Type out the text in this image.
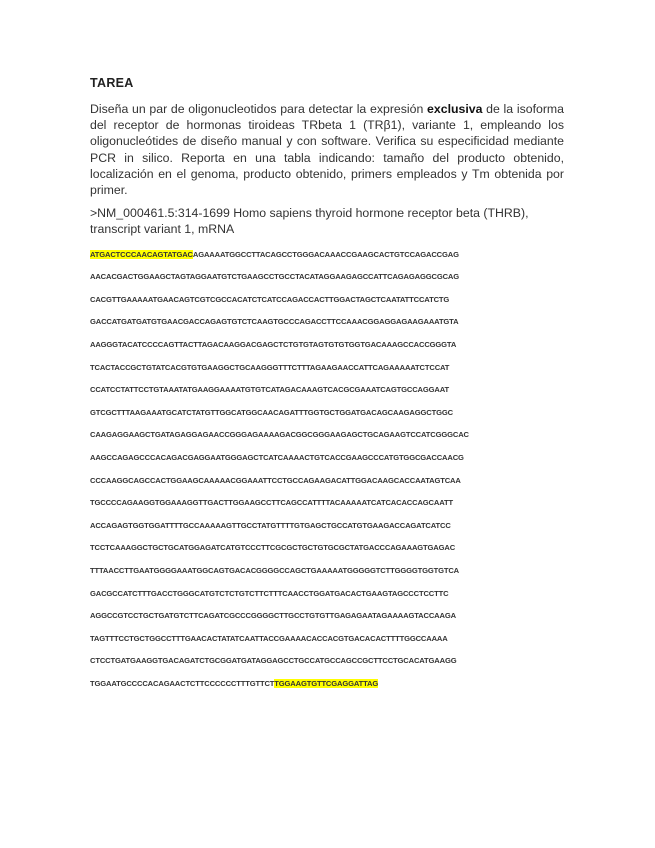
TAREA

Diseña un par de oligonucleotidos para detectar la expresión exclusiva de la isoforma del receptor de hormonas tiroideas TRbeta 1 (TRβ1), variante 1, empleando los oligonucleótides de diseño manual y con software. Verifica su especificidad mediante PCR in silico. Reporta en una tabla indicando: tamaño del producto obtenido, localización en el genoma, producto obtenido, primers empleados y Tm obtenida por primer.

>NM_000461.5:314-1699 Homo sapiens thyroid hormone receptor beta (THRB), transcript variant 1, mRNA

ATGACTCCCAACAGTATGACAGAAAATGGCCTTACAGCCTGGGACAAACCGAAGCACTGTCCAGACCGAG
AACACGACTGGAAGCTAGTAGGAATGTCTGAAGCCTGCCTACATAGGAAGAGCCATTCAGAGAGGCGCAG
CACGTTGAAAAATGAACAGTCGTCGCCACATCTCATCCAGACCACTTGGACTAGCTCAATATTCCATCTG
GACCATGATGATGTGAACGACCAGAGTGTCTCAAGTGCCCAGACCTTCCAAACGGAGGAGAAGAAATGTA
AAGGGTACATCCCCAGTTACTTAGACAAGGACGAGCTCTGTGTAGTGTGTGGTGACAAAGCCACCGGGTA
TCACTACCGCTGTATCACGTGTGAAGGCTGCAAGGGTTTCTTTAGAAGAACCATTCAGAAAAATCTCCAT
CCATCCTATTCCTGTAAATATGAAGGAAAATGTGTCATAGACAAAGTCACGCGAAATCAGTGCCAGGAAT
GTCGCTTTAAGAAATGCATCTATGTTGGCATGGCAACAGATTTGGTGCTGGATGACAGCAAGAGGCTGGC
CAAGAGGAAGCTGATAGAGGAGAACCGGGAGAAAAGACGGCGGGAAGAGCTGCAGAAGTCCATCGGGCAC
AAGCCAGAGCCCACAGACGAGGAATGGGAGCTCATCAAAACTGTCACCGAAGCCCATGTGGCGACCAACG
CCCAAGGCAGCCACTGGAAGCAAAAACGGAAATTCCTGCCAGAAGACATTGGACAAGCACCAATAGTCAA
TGCCCCAGAAGGTGGAAAGGTTGACTTGGAAGCCTTCAGCCATTTTACAAAAATCATCACACCAGCAATT
ACCAGAGTGGTGGATTTTGCCAAAAAGTTGCCTATGTTTTGTGAGCTGCCATGTGAAGACCAGATCATCC
TCCTCAAAGGCTGCTGCATGGAGATCATGTCCCTTCGCGCTGCTGTGCGCTATGACCCAGAAAGTGAGAC
TTTAACCTTGAATGGGGAAATGGCAGTGACACGGGGCCAGCTGAAAAATGGGGGTCTTGGGGTGGTGTCA
GACGCCATCTTTGACCTGGGCATGTCTCTGTCTTCTTTCAACCTGGATGACACTGAAGTAGCCCTCCTTC
AGGCCGTCCTGCTGATGTCTTCAGATCGCCCGGGGCTTGCCTGTGTTGAGAGAATAGAAAAGTACCAAGA
TAGTTTCCTGCTGGCCTTTGAACACTATATCAATTACCGAAAACACCACGTGACACACTTTTGGCCAAAA
CTCCTGATGAAGGTGACAGATCTGCGGATGATAGGAGCCTGCCATGCCAGCCGCTTCCTGCACATGAAGG
TGGAATGCCCCACAGAACTCTTCCCCCCTTTGTTCTTGGAAGTGTTCGAGGATTAG
